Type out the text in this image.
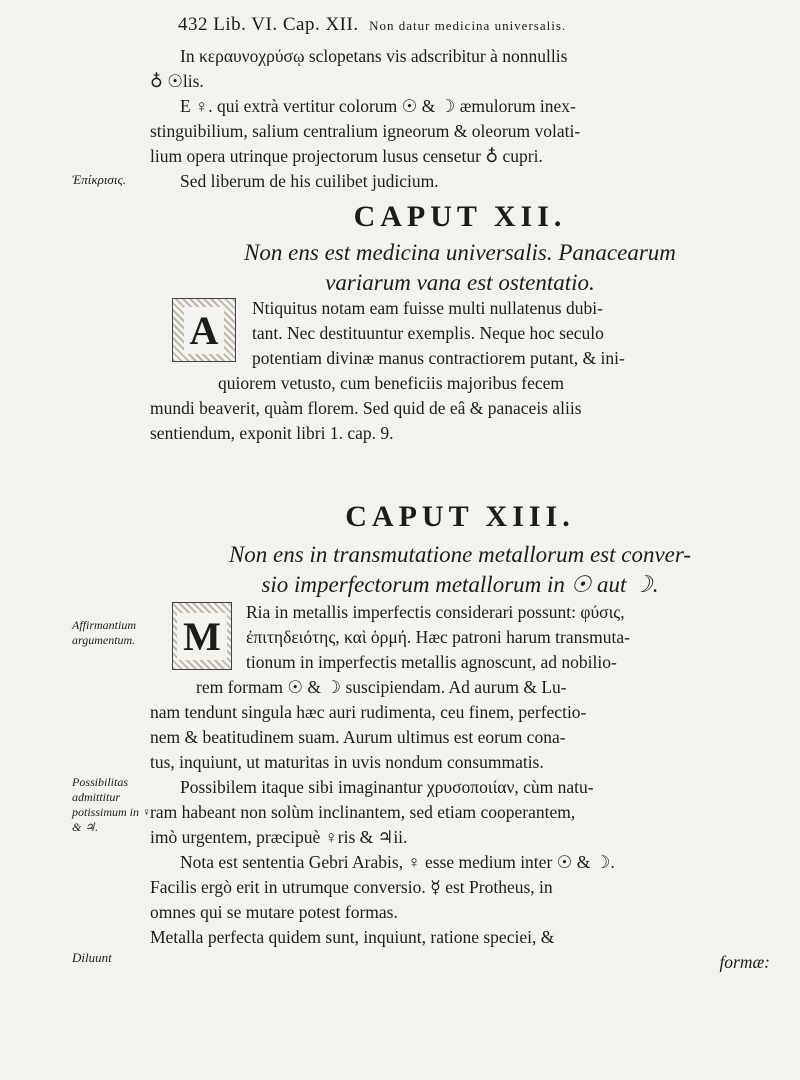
432 Lib. VI. Cap. XII. Non datur medicina universalis.
In κεραυνοχρύσῳ sclopetans vis adscribitur à nonnullis
♁ ☉lis.
E ♀. qui extrà vertitur colorum ☉ & ☽ æmulorum inex-
stinguibilium, salium centralium igneorum & oleorum volati-
lium opera utrinque projectorum lusus censetur ♁ cupri.
Sed liberum de his cuilibet judicium.
Ἐπίκρισις.
CAPUT XII.
Non ens est medicina universalis. Panacearum
variarum vana est ostentatio.
A	Ntiquitus notam eam fuisse multi nullatenus dubi-
tant. Nec destituuntur exemplis. Neque hoc seculo
potentiam divinæ manus contractiorem putant, & ini-
quiorem vetusto, cum beneficiis majoribus fecem
mundi beaverit, quàm florem. Sed quid de eâ & panaceis aliis
sentiendum, exponit libri 1. cap. 9.
CAPUT XIII.
Non ens in transmutatione metallorum est conver-
sio imperfectorum metallorum in ☉ aut ☽.
M
Ria in metallis imperfectis considerari possunt: φύσις,
ἐπιτηδειότης, καὶ ὁρμή. Hæc patroni harum transmuta-
tionum in imperfectis metallis agnoscunt, ad nobilio-
rem formam ☉ & ☽ suscipiendam. Ad aurum & Lu-
nam tendunt singula hæc auri rudimenta, ceu finem, perfectio-
nem & beatitudinem suam. Aurum ultimus est eorum cona-
tus, inquiunt, ut maturitas in uvis nondum consummatis.
Possibilem itaque sibi imaginantur χρυσοποιίαν, cùm natu-
ram habeant non solùm inclinantem, sed etiam cooperantem,
imò urgentem, præcipuè ♀ris & ♃ii.
Nota est sententia Gebri Arabis, ♀ esse medium inter ☉ & ☽.
Facilis ergò erit in utrumque conversio. ☿ est Protheus, in
omnes qui se mutare potest formas.
Metalla perfecta quidem sunt, inquiunt, ratione speciei, &
formæ:
Affirmantium argumentum.
Possibilitas admittitur potissimum in ♀ & ♃.
Diluunt
